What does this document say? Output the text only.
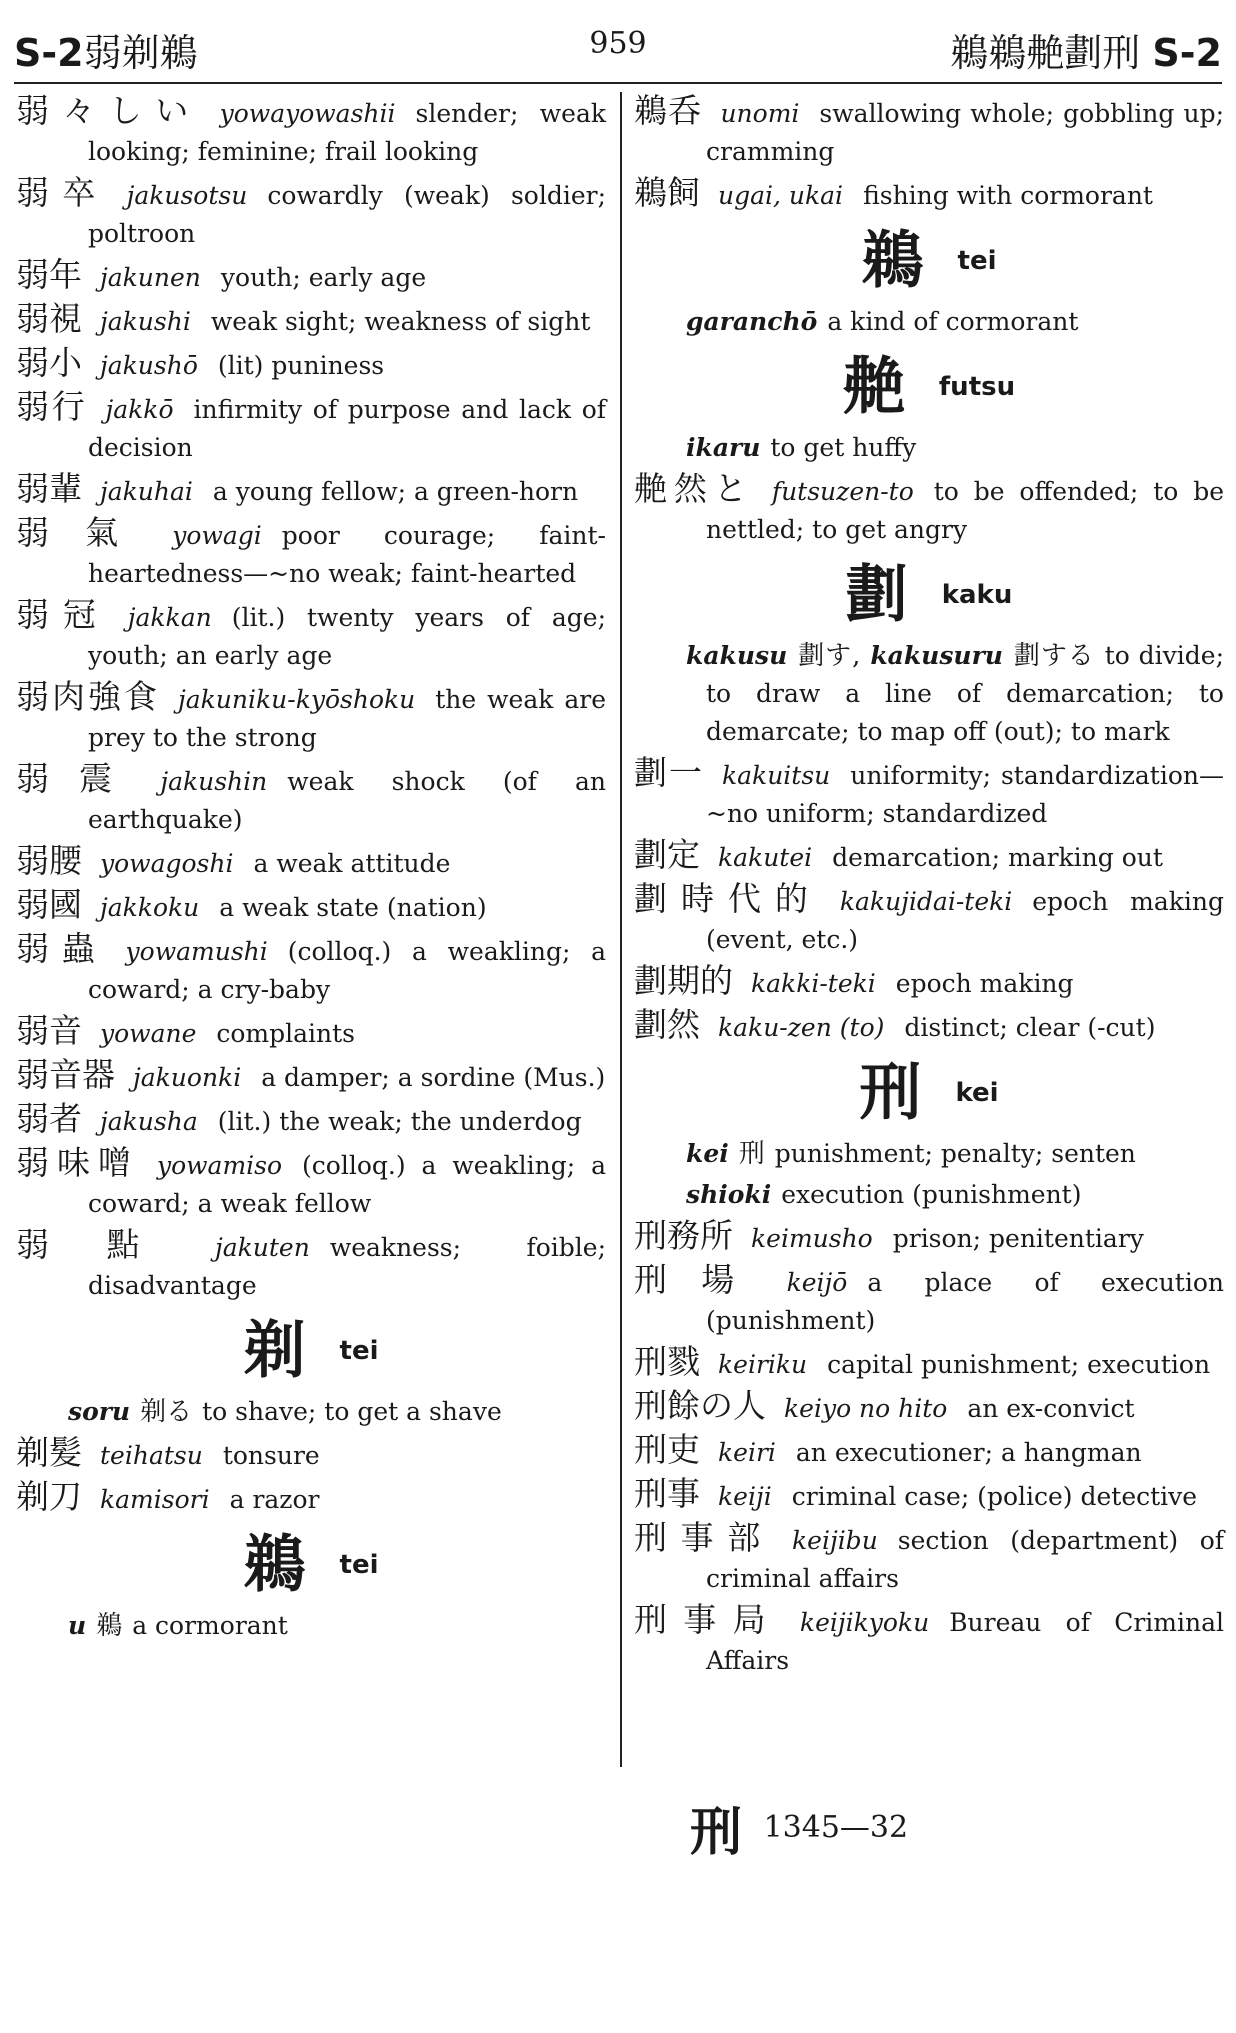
S-2弱剃鵜	959	鵜鵜艴劃刑 S-2

弱々しい yowayowashii slender; weak looking; feminine; frail looking

弱卒 jakusotsu cowardly (weak) soldier; poltroon

弱年 jakunen youth; early age

弱視 jakushi weak sight; weakness of sight

弱小 jakushō (lit) puniness

弱行 jakkō infirmity of purpose and lack of decision

弱輩 jakuhai a young fellow; a green-horn

弱氣 yowagi poor courage; faint-heartedness—~no weak; faint-hearted

弱冠 jakkan (lit.) twenty years of age; youth; an early age

弱肉強食 jakuniku-kyōshoku the weak are prey to the strong

弱震 jakushin weak shock (of an earthquake)

弱腰 yowagoshi a weak attitude

弱國 jakkoku a weak state (nation)

弱蟲 yowamushi (colloq.) a weakling; a coward; a cry-baby

弱音 yowane complaints

弱音器 jakuonki a damper; a sordine (Mus.)

弱者 jakusha (lit.) the weak; the underdog

弱味噌 yowamiso (colloq.) a weakling; a coward; a weak fellow

弱點 jakuten weakness; foible; disadvantage

剃 tei

soru 剃る to shave; to get a shave

剃髪 teihatsu tonsure

剃刀 kamisori a razor

鵜 tei

u 鵜 a cormorant

鵜呑 unomi swallowing whole; gobbling up; cramming

鵜飼 ugai, ukai fishing with cormorant

鵜 tei

garanchō a kind of cormorant

艴 futsu

ikaru to get huffy

艴然と futsuzen-to to be offended; to be nettled; to get angry

劃 kaku

kakusu 劃す, kakusuru 劃する to divide; to draw a line of demarcation; to demarcate; to map off (out); to mark

劃一 kakuitsu uniformity; standardization—~no uniform; standardized

劃定 kakutei demarcation; marking out

劃時代的 kakujidai-teki epoch making (event, etc.)

劃期的 kakki-teki epoch making

劃然 kaku-zen (to) distinct; clear (-cut)

刑 kei

kei 刑 punishment; penalty; senten

shioki execution (punishment)

刑務所 keimusho prison; penitentiary

刑場 keijō a place of execution (punishment)

刑戮 keiriku capital punishment; execution

刑餘の人 keiyo no hito an ex-convict

刑吏 keiri an executioner; a hangman

刑事 keiji criminal case; (police) detective

刑事部 keijibu section (department) of criminal affairs

刑事局 keijikyoku Bureau of Criminal Affairs

刑 1345—32
